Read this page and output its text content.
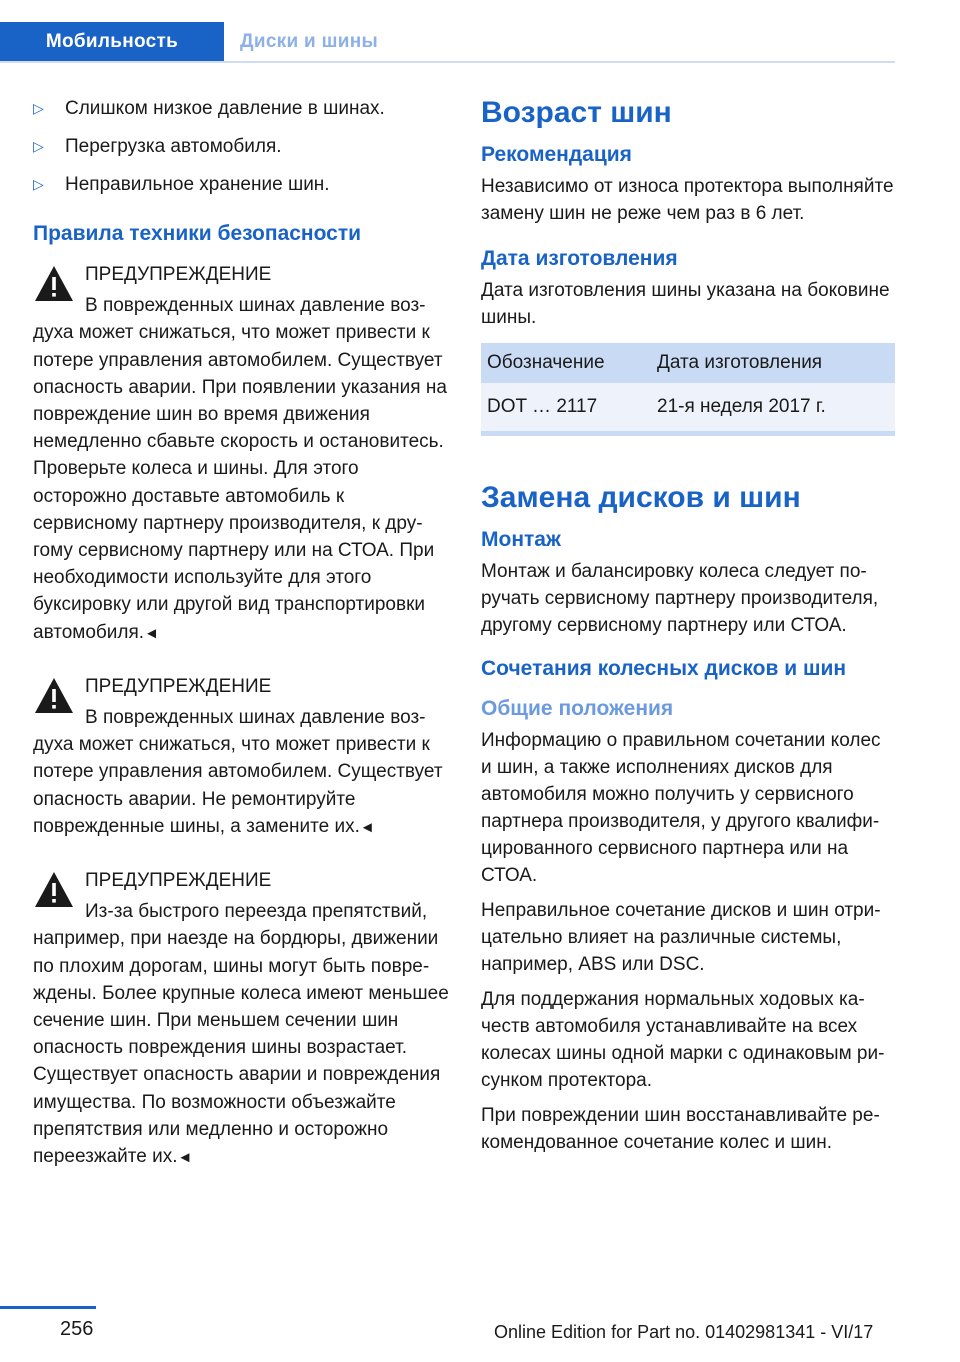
Мобильность	Диски и шины
▷	Слишком низкое давление в шинах.
▷	Перегрузка автомобиля.
▷	Неправильное хранение шин.
Правила техники безопасности
ПРЕДУПРЕЖДЕНИЕ
В поврежденных шинах давление воздуха может снижаться, что может привести к потере управления автомобилем. Существует опасность аварии. При появлении указания на повреждение шин во время движения немедленно сбавьте скорость и остановитесь. Проверьте колеса и шины. Для этого осторожно доставьте автомобиль к сервисному партнеру производителя, к другому сервисному партнеру или на СТОА. При необходимости используйте для этого буксировку или другой вид транспортировки автомобиля.◄
ПРЕДУПРЕЖДЕНИЕ
В поврежденных шинах давление воздуха может снижаться, что может привести к потере управления автомобилем. Существует опасность аварии. Не ремонтируйте поврежденные шины, а замените их.◄
ПРЕДУПРЕЖДЕНИЕ
Из-за быстрого переезда препятствий, например, при наезде на бордюры, движении по плохим дорогам, шины могут быть повреждены. Более крупные колеса имеют меньшее сечение шин. При меньшем сечении шин опасность повреждения шины возрастает. Существует опасность аварии и повреждения имущества. По возможности объезжайте препятствия или медленно и осторожно переезжайте их.◄
Возраст шин
Рекомендация
Независимо от износа протектора выполняйте замену шин не реже чем раз в 6 лет.
Дата изготовления
Дата изготовления шины указана на боковине шины.
Обозначение	Дата изготовления
DOT … 2117	21-я неделя 2017 г.
Замена дисков и шин
Монтаж
Монтаж и балансировку колеса следует поручать сервисному партнеру производителя, другому сервисному партнеру или СТОА.
Сочетания колесных дисков и шин
Общие положения
Информацию о правильном сочетании колес и шин, а также исполнениях дисков для автомобиля можно получить у сервисного партнера производителя, у другого квалифицированного сервисного партнера или на СТОА.
Неправильное сочетание дисков и шин отрицательно влияет на различные системы, например, ABS или DSC.
Для поддержания нормальных ходовых качеств автомобиля устанавливайте на всех колесах шины одной марки с одинаковым рисунком протектора.
При повреждении шин восстанавливайте рекомендованное сочетание колес и шин.
256	Online Edition for Part no. 01402981341 - VI/17
